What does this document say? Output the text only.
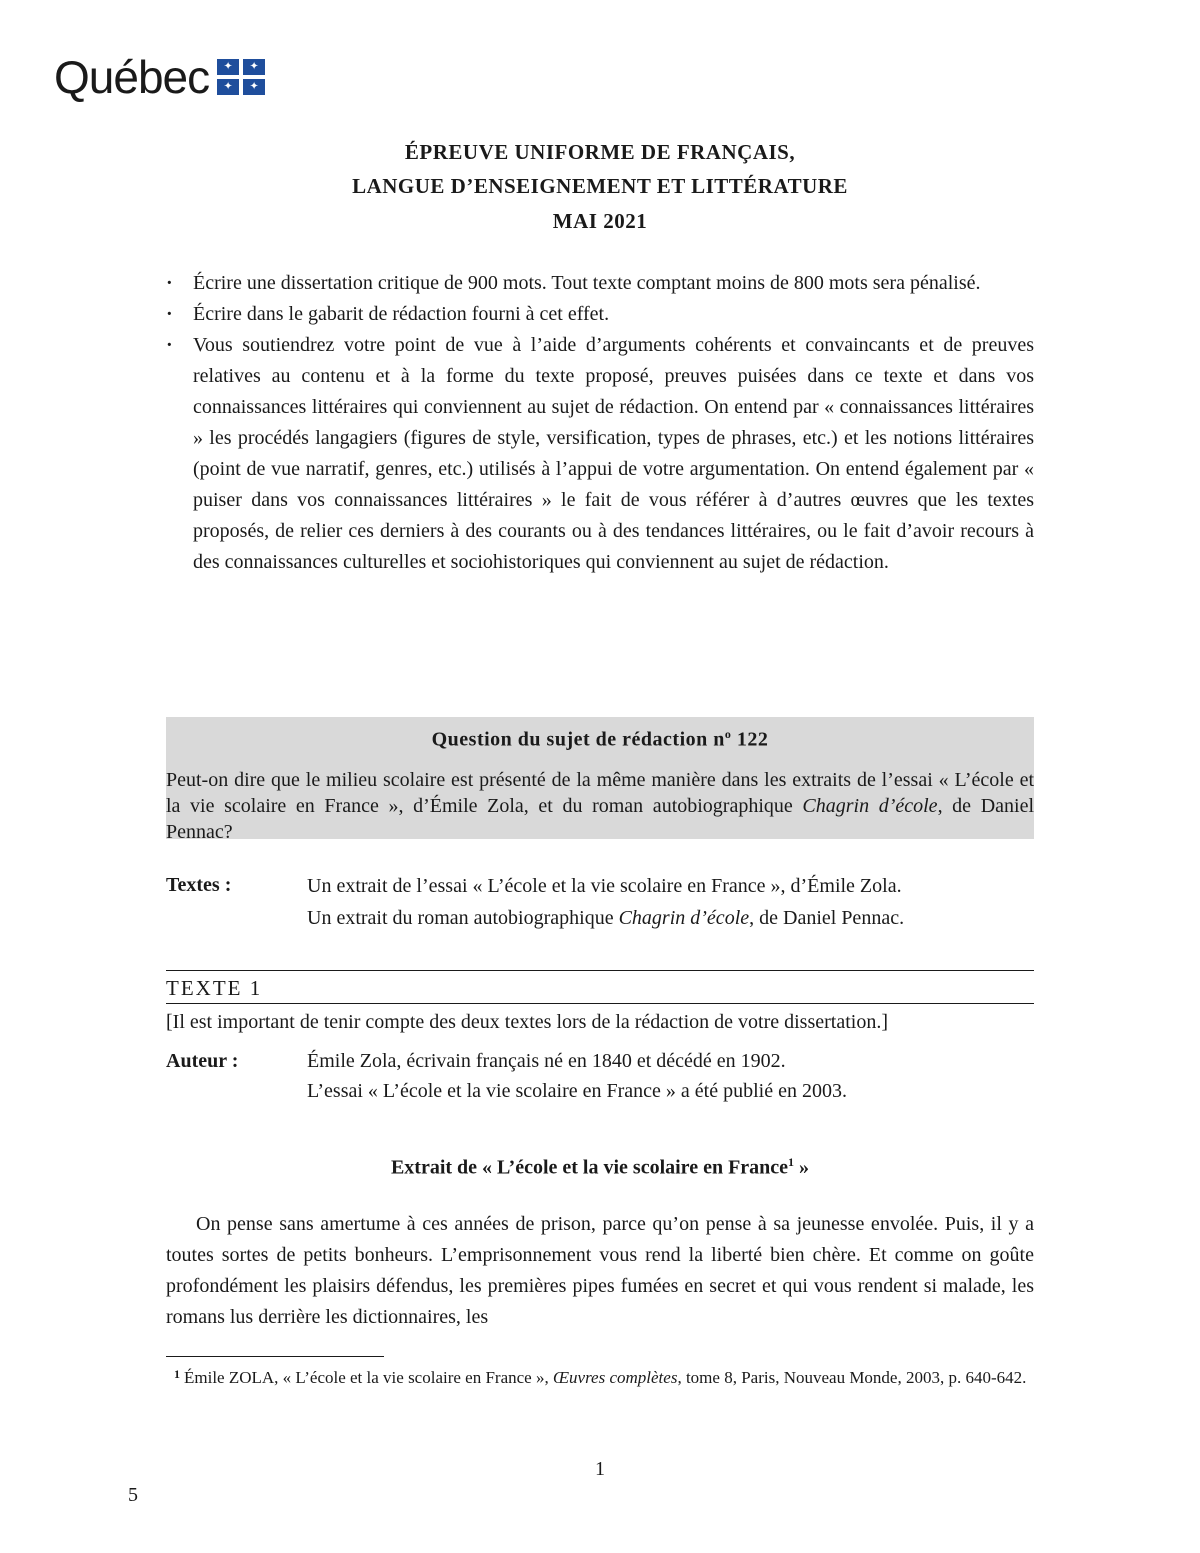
Québec
✦
✦
✦
✦
ÉPREUVE UNIFORME DE FRANÇAIS,
LANGUE D’ENSEIGNEMENT ET LITTÉRATURE
MAI 2021
· Écrire une dissertation critique de 900 mots. Tout texte comptant moins de 800 mots sera pénalisé.
· Écrire dans le gabarit de rédaction fourni à cet effet.
· Vous soutiendrez votre point de vue à l’aide d’arguments cohérents et convaincants et de preuves relatives au contenu et à la forme du texte proposé, preuves puisées dans ce texte et dans vos connaissances littéraires qui conviennent au sujet de rédaction. On entend par « connaissances littéraires » les procédés langagiers (figures de style, versification, types de phrases, etc.) et les notions littéraires (point de vue narratif, genres, etc.) utilisés à l’appui de votre argumentation. On entend également par « puiser dans vos connaissances littéraires » le fait de vous référer à d’autres œuvres que les textes proposés, de relier ces derniers à des courants ou à des tendances littéraires, ou le fait d’avoir recours à des connaissances culturelles et sociohistoriques qui conviennent au sujet de rédaction.
Question du sujet de rédaction $n^o$ 122
Peut-on dire que le milieu scolaire est présenté de la même manière dans les extraits de l’essai « L’école et la vie scolaire en France », d’Émile Zola, et du roman autobiographique Chagrin d’école, de Daniel Pennac?
Textes :	Un extrait de l’essai « L’école et la vie scolaire en France », d’Émile Zola.
Un extrait du roman autobiographique Chagrin d’école, de Daniel Pennac.
TEXTE 1
[Il est important de tenir compte des deux textes lors de la rédaction de votre dissertation.]
Auteur :	Émile Zola, écrivain français né en 1840 et décédé en 1902.
L’essai « L’école et la vie scolaire en France » a été publié en 2003.
Extrait de « L’école et la vie scolaire en France$^1$ »

On pense sans amertume à ces années de prison, parce qu’on pense à sa jeunesse envolée. Puis, il y a toutes sortes de petits bonheurs. L’emprisonnement vous rend la liberté bien chère. Et comme on goûte profondément les plaisirs défendus, les premières pipes fumées en secret et qui vous rendent si malade, les romans lus derrière les dictionnaires, les

1 Émile ZOLA, « L’école et la vie scolaire en France », Œuvres complètes, tome 8, Paris, Nouveau Monde, 2003, p. 640-642.
1
5
